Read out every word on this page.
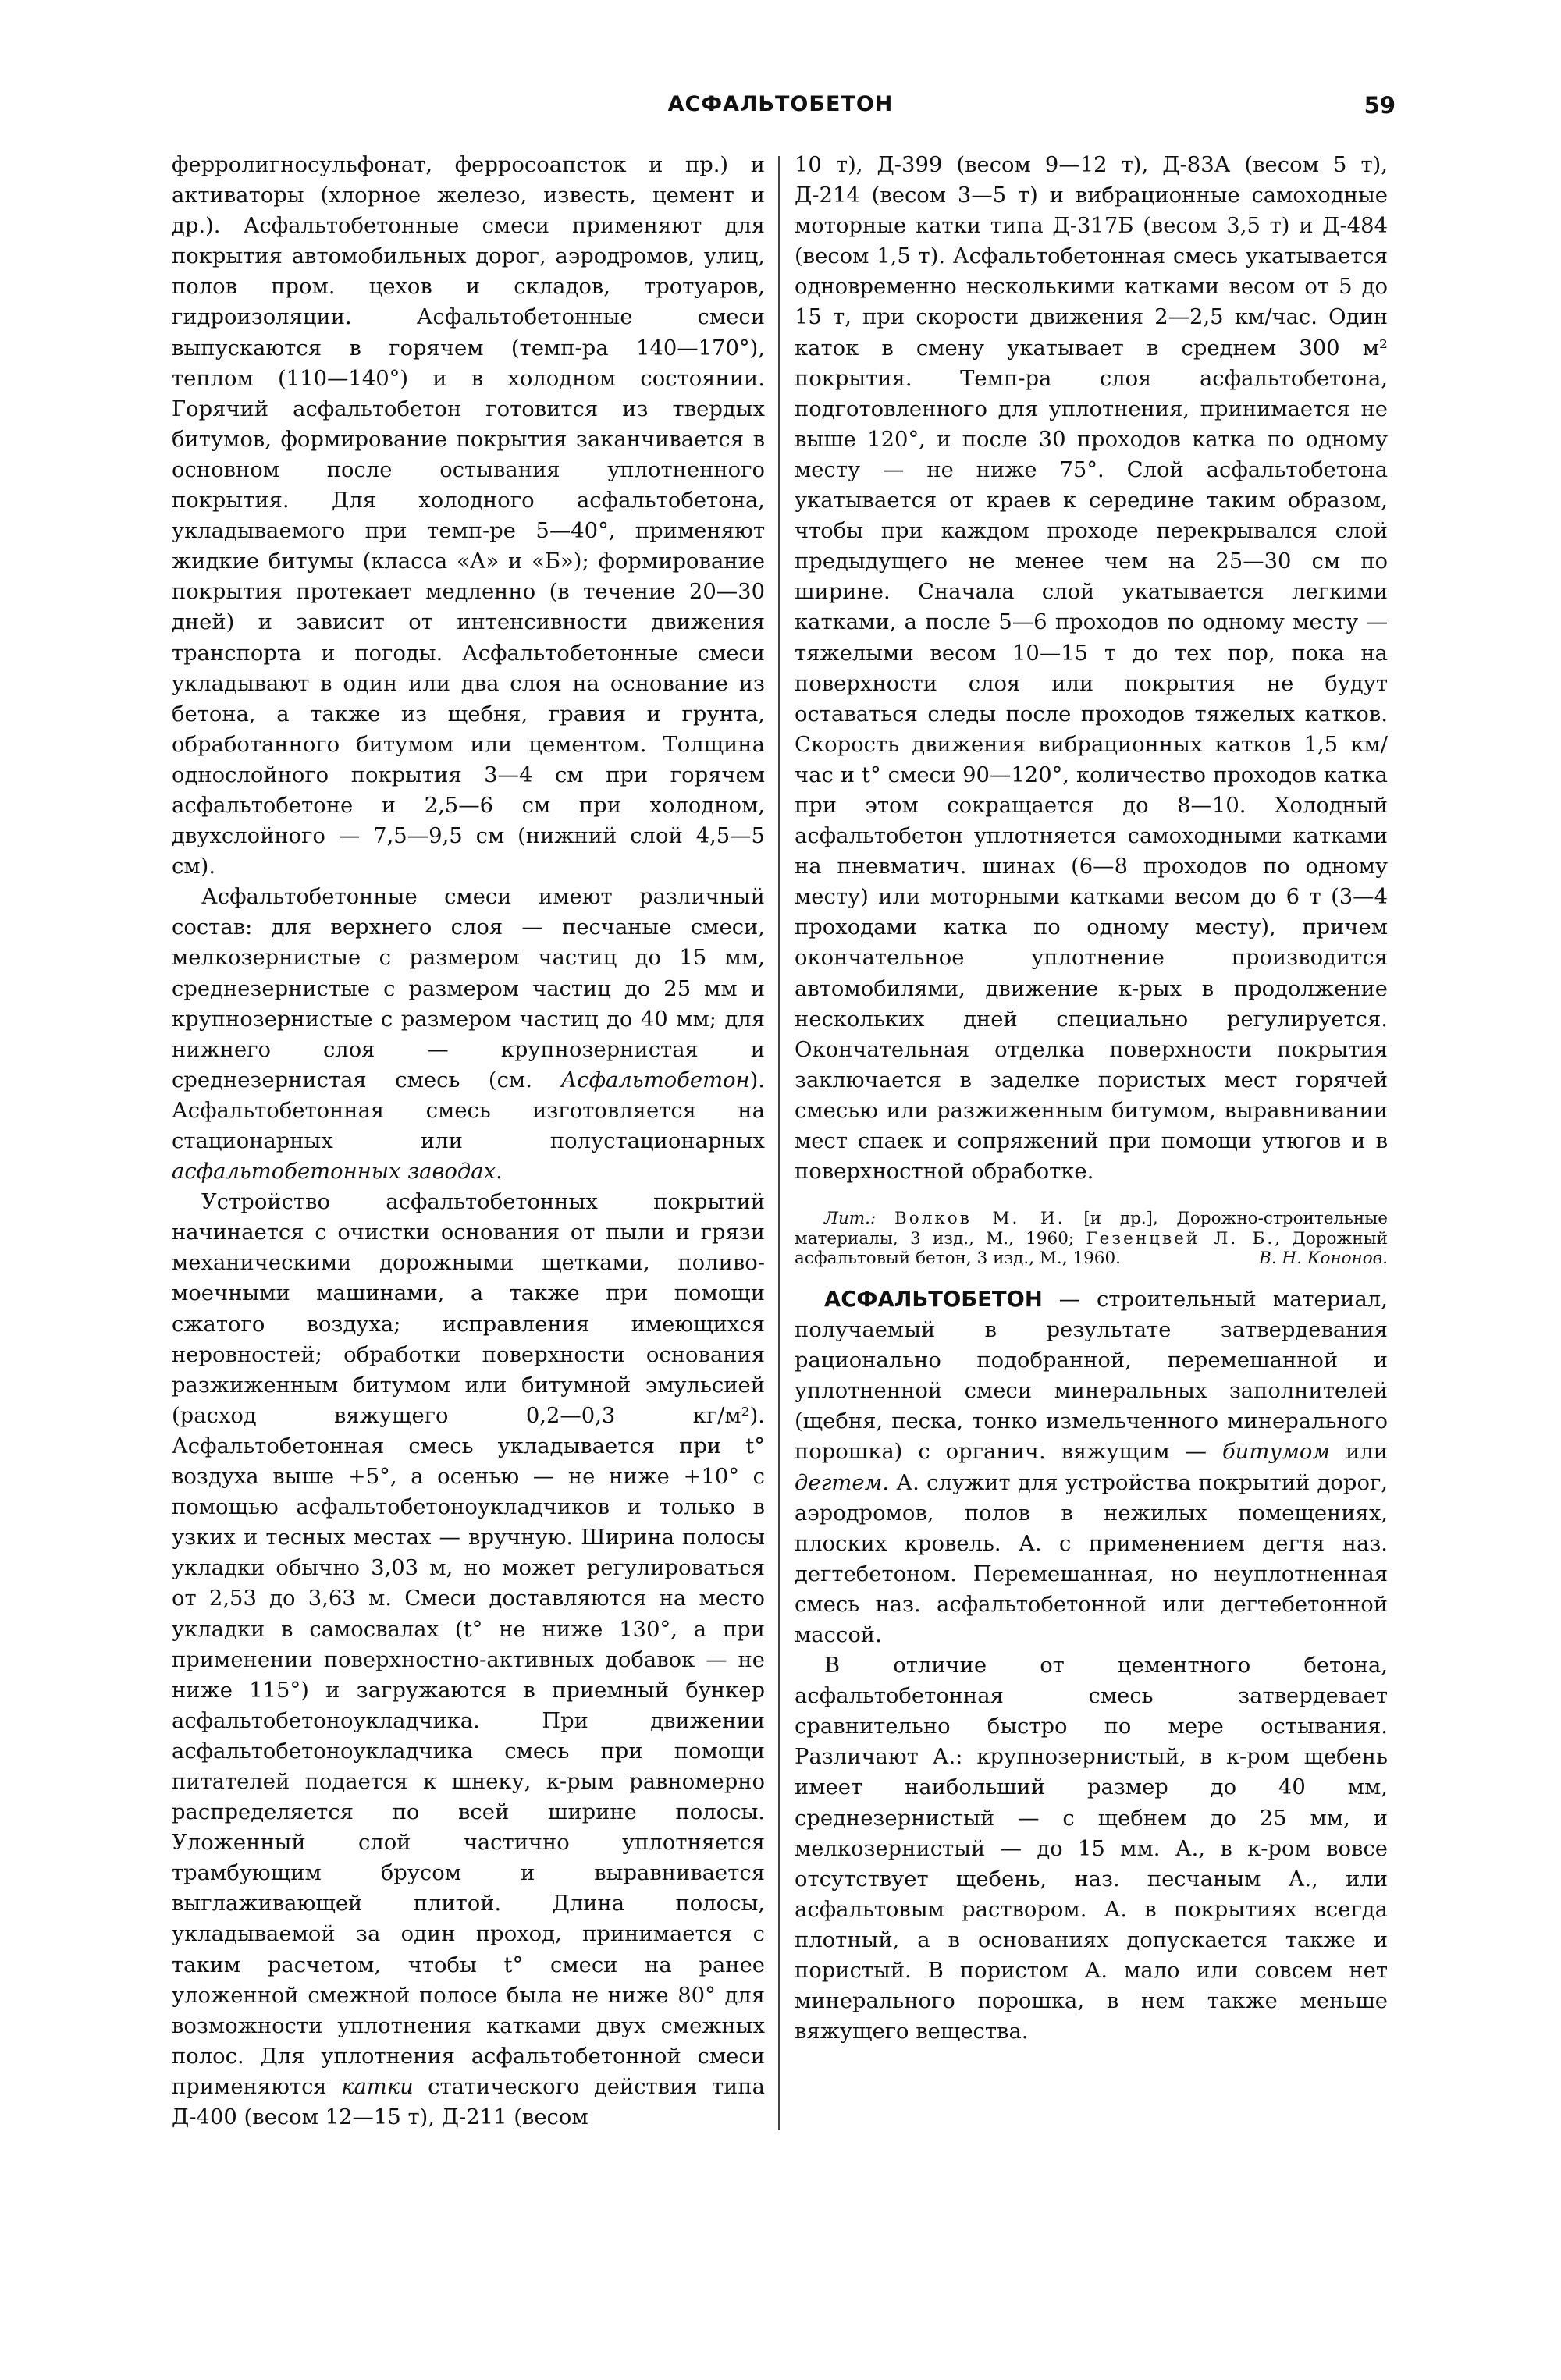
АСФАЛЬТОБЕТОН	59

ферролигносульфонат, ферросоапсток и пр.) и активаторы (хлорное железо, известь, цемент и др.). Асфальтобетонные смеси применяют для покрытия автомобильных дорог, аэродромов, улиц, полов пром. цехов и складов, тротуаров, гидроизоляции. Асфальтобетонные смеси выпускаются в горячем (темп-ра 140—170°), теплом (110—140°) и в холодном состоянии. Горячий асфальтобетон готовится из твердых битумов, формирование покрытия заканчивается в основном после остывания уплотненного покрытия. Для холодного асфальтобетона, укладываемого при темп-ре 5—40°, применяют жидкие битумы (класса «А» и «Б»); формирование покрытия протекает медленно (в течение 20—30 дней) и зависит от интенсивности движения транспорта и погоды. Асфальтобетонные смеси укладывают в один или два слоя на основание из бетона, а также из щебня, гравия и грунта, обработанного битумом или цементом. Толщина однослойного покрытия 3—4 см при горячем асфальтобетоне и 2,5—6 см при холодном, двухслойного — 7,5—9,5 см (нижний слой 4,5—5 см).

Асфальтобетонные смеси имеют различный состав: для верхнего слоя — песчаные смеси, мелкозернистые с размером частиц до 15 мм, среднезернистые с размером частиц до 25 мм и крупнозернистые с размером частиц до 40 мм; для нижнего слоя — крупнозернистая и среднезернистая смесь (см. Асфальтобетон). Асфальтобетонная смесь изготовляется на стационарных или полустационарных асфальтобетонных заводах.

Устройство асфальтобетонных покрытий начинается с очистки основания от пыли и грязи механическими дорожными щетками, поливо-моечными машинами, а также при помощи сжатого воздуха; исправления имеющихся неровностей; обработки поверхности основания разжиженным битумом или битумной эмульсией (расход вяжущего 0,2—0,3 кг/м²). Асфальтобетонная смесь укладывается при t° воздуха выше +5°, а осенью — не ниже +10° с помощью асфальтобетоноукладчиков и только в узких и тесных местах — вручную. Ширина полосы укладки обычно 3,03 м, но может регулироваться от 2,53 до 3,63 м. Смеси доставляются на место укладки в самосвалах (t° не ниже 130°, а при применении поверхностно-активных добавок — не ниже 115°) и загружаются в приемный бункер асфальтобетоноукладчика. При движении асфальтобетоноукладчика смесь при помощи питателей подается к шнеку, к-рым равномерно распределяется по всей ширине полосы. Уложенный слой частично уплотняется трамбующим брусом и выравнивается выглаживающей плитой. Длина полосы, укладываемой за один проход, принимается с таким расчетом, чтобы t° смеси на ранее уложенной смежной полосе была не ниже 80° для возможности уплотнения катками двух смежных полос. Для уплотнения асфальтобетонной смеси применяются катки статического действия типа Д-400 (весом 12—15 т), Д-211 (весом

10 т), Д-399 (весом 9—12 т), Д-83А (весом 5 т), Д-214 (весом 3—5 т) и вибрационные самоходные моторные катки типа Д-317Б (весом 3,5 т) и Д-484 (весом 1,5 т). Асфальтобетонная смесь укатывается одновременно несколькими катками весом от 5 до 15 т, при скорости движения 2—2,5 км/час. Один каток в смену укатывает в среднем 300 м² покрытия. Темп-ра слоя асфальтобетона, подготовленного для уплотнения, принимается не выше 120°, и после 30 проходов катка по одному месту — не ниже 75°. Слой асфальтобетона укатывается от краев к середине таким образом, чтобы при каждом проходе перекрывался слой предыдущего не менее чем на 25—30 см по ширине. Сначала слой укатывается легкими катками, а после 5—6 проходов по одному месту — тяжелыми весом 10—15 т до тех пор, пока на поверхности слоя или покрытия не будут оставаться следы после проходов тяжелых катков. Скорость движения вибрационных катков 1,5 км/час и t° смеси 90—120°, количество проходов катка при этом сокращается до 8—10. Холодный асфальтобетон уплотняется самоходными катками на пневматич. шинах (6—8 проходов по одному месту) или моторными катками весом до 6 т (3—4 проходами катка по одному месту), причем окончательное уплотнение производится автомобилями, движение к-рых в продолжение нескольких дней специально регулируется. Окончательная отделка поверхности покрытия заключается в заделке пористых мест горячей смесью или разжиженным битумом, выравнивании мест спаек и сопряжений при помощи утюгов и в поверхностной обработке.

Лит.: Волков М. И. [и др.], Дорожно-строительные материалы, 3 изд., М., 1960; Гезенцвей Л. Б., Дорожный асфальтовый бетон, 3 изд., М., 1960.	В. Н. Кононов.

АСФАЛЬТОБЕТОН — строительный материал, получаемый в результате затвердевания рационально подобранной, перемешанной и уплотненной смеси минеральных заполнителей (щебня, песка, тонко измельченного минерального порошка) с органич. вяжущим — битумом или дегтем. А. служит для устройства покрытий дорог, аэродромов, полов в нежилых помещениях, плоских кровель. А. с применением дегтя наз. дегтебетоном. Перемешанная, но неуплотненная смесь наз. асфальтобетонной или дегтебетонной массой.

В отличие от цементного бетона, асфальтобетонная смесь затвердевает сравнительно быстро по мере остывания. Различают А.: крупнозернистый, в к-ром щебень имеет наибольший размер до 40 мм, среднезернистый — с щебнем до 25 мм, и мелкозернистый — до 15 мм. А., в к-ром вовсе отсутствует щебень, наз. песчаным А., или асфальтовым раствором. А. в покрытиях всегда плотный, а в основаниях допускается также и пористый. В пористом А. мало или совсем нет минерального порошка, в нем также меньше вяжущего вещества.
